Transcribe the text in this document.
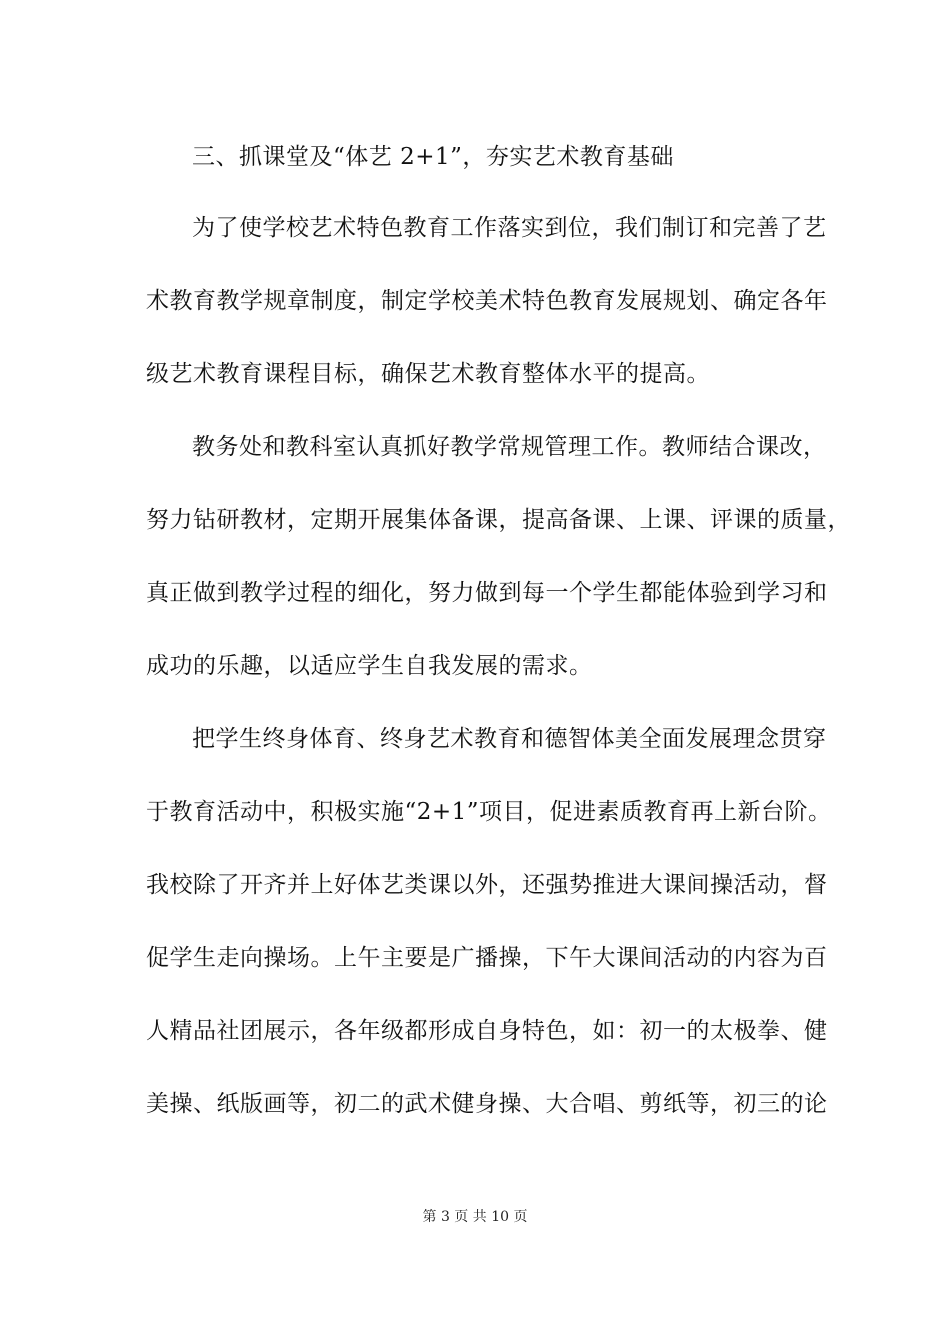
三、抓课堂及“体艺 2+1”，夯实艺术教育基础
为了使学校艺术特色教育工作落实到位，我们制订和完善了艺
术教育教学规章制度，制定学校美术特色教育发展规划、确定各年
级艺术教育课程目标，确保艺术教育整体水平的提高。
教务处和教科室认真抓好教学常规管理工作。教师结合课改，
努力钻研教材，定期开展集体备课，提高备课、上课、评课的质量，
真正做到教学过程的细化，努力做到每一个学生都能体验到学习和
成功的乐趣，以适应学生自我发展的需求。
把学生终身体育、终身艺术教育和德智体美全面发展理念贯穿
于教育活动中，积极实施“2+1”项目，促进素质教育再上新台阶。
我校除了开齐并上好体艺类课以外，还强势推进大课间操活动，督
促学生走向操场。上午主要是广播操，下午大课间活动的内容为百
人精品社团展示，各年级都形成自身特色，如：初一的太极拳、健
美操、纸版画等，初二的武术健身操、大合唱、剪纸等，初三的论
第 3 页 共 10 页
